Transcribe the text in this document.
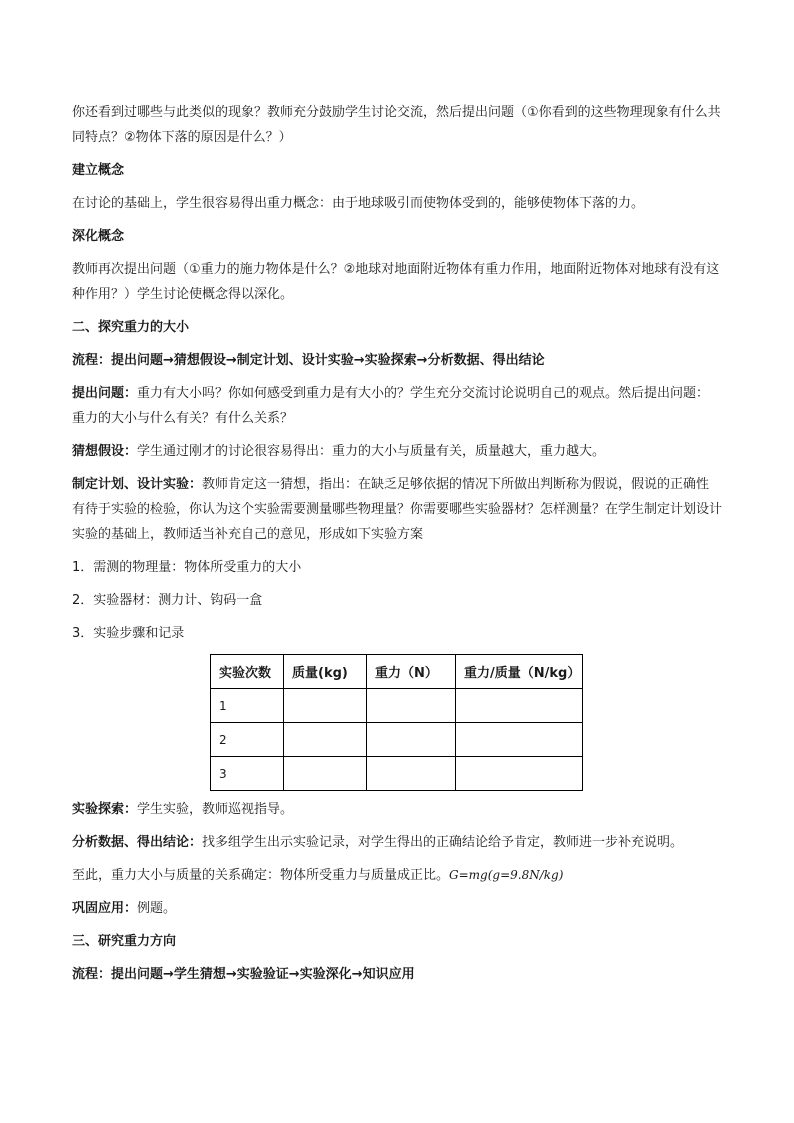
你还看到过哪些与此类似的现象？教师充分鼓励学生讨论交流，然后提出问题（①你看到的这些物理现象有什么共同特点？②物体下落的原因是什么？）

建立概念

在讨论的基础上，学生很容易得出重力概念：由于地球吸引而使物体受到的，能够使物体下落的力。

深化概念

教师再次提出问题（①重力的施力物体是什么？②地球对地面附近物体有重力作用，地面附近物体对地球有没有这种作用？）学生讨论使概念得以深化。

二、探究重力的大小

流程：提出问题→猜想假设→制定计划、设计实验→实验探索→分析数据、得出结论

提出问题：重力有大小吗？你如何感受到重力是有大小的？学生充分交流讨论说明自己的观点。然后提出问题：重力的大小与什么有关？有什么关系？

猜想假设：学生通过刚才的讨论很容易得出：重力的大小与质量有关，质量越大，重力越大。

制定计划、设计实验：教师肯定这一猜想，指出：在缺乏足够依据的情况下所做出判断称为假说，假说的正确性有待于实验的检验，你认为这个实验需要测量哪些物理量？你需要哪些实验器材？怎样测量？在学生制定计划设计实验的基础上，教师适当补充自己的意见，形成如下实验方案

1．需测的物理量：物体所受重力的大小

2．实验器材：测力计、钩码一盒

3．实验步骤和记录

实验次数	质量(kg)	重力（N）	重力/质量（N/kg）
1			
2			
3			

实验探索：学生实验，教师巡视指导。

分析数据、得出结论：找多组学生出示实验记录，对学生得出的正确结论给予肯定，教师进一步补充说明。

至此，重力大小与质量的关系确定：物体所受重力与质量成正比。G=mg(g=9.8N/kg)

巩固应用：例题。

三、研究重力方向

流程：提出问题→学生猜想→实验验证→实验深化→知识应用
